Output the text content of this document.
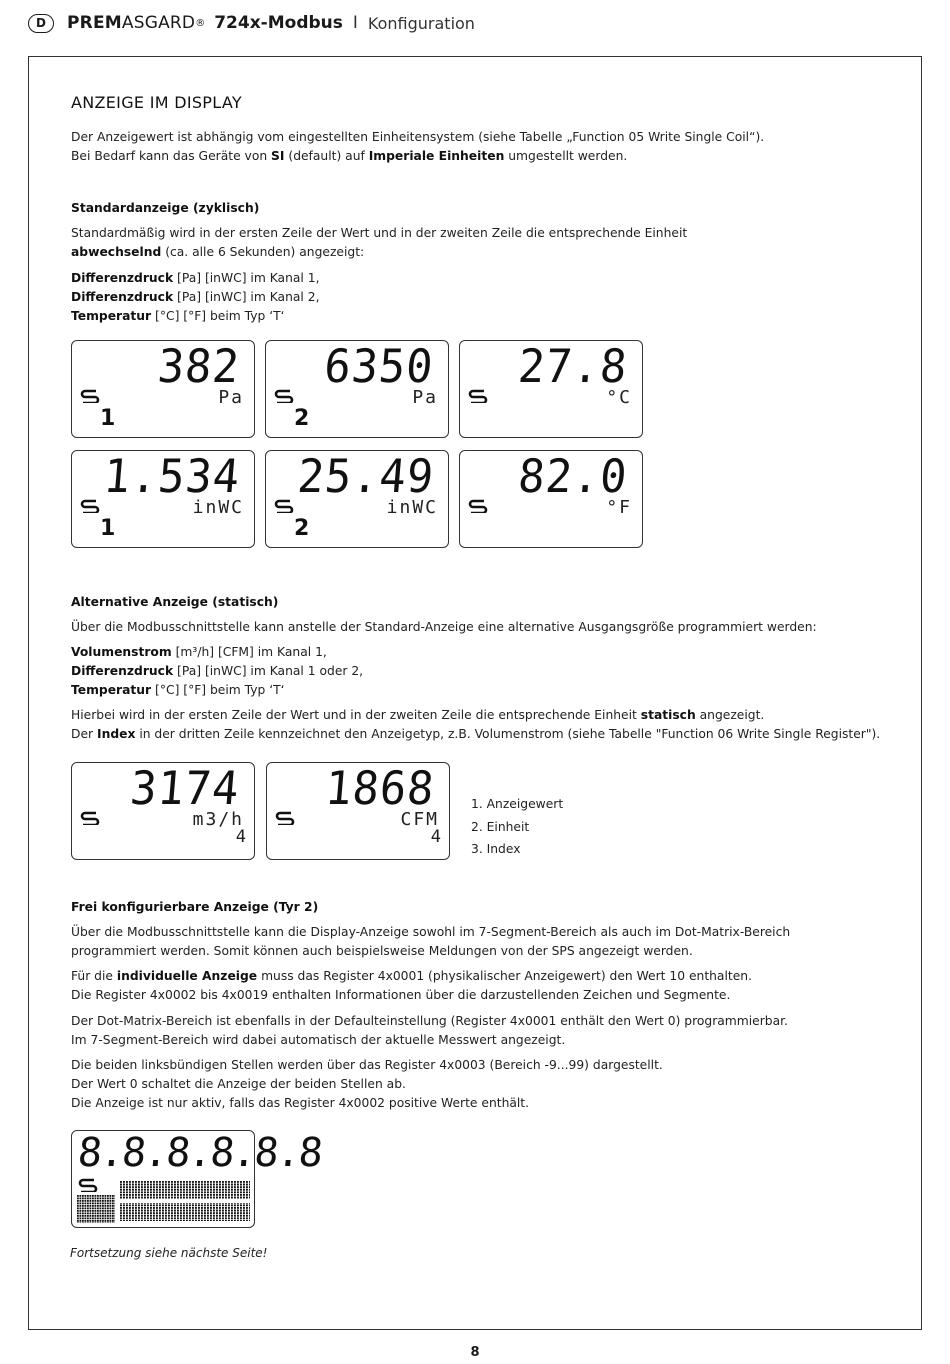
D	PREM ASGARD ® 724x-Modbus I Konfiguration
ANZEIGE IM DISPLAY
Der Anzeigewert ist abhängig vom eingestellten Einheitensystem (siehe Tabelle „Function 05 Write Single Coil“).
Bei Bedarf kann das Geräte von SI (default) auf Imperiale Einheiten umgestellt werden.
Standardanzeige (zyklisch)
Standardmäßig wird in der ersten Zeile der Wert und in der zweiten Zeile die entsprechende Einheit
abwechselnd (ca. alle 6 Sekunden) angezeigt:
Differenzdruck [Pa] [inWC] im Kanal 1,
Differenzdruck [Pa] [inWC] im Kanal 2,
Temperatur [°C] [°F] beim Typ ‘T‘
382
Pa
1
6350
Pa
2
27.8
°C
1.534
inWC
1
25.49
inWC
2
82.0
°F
Alternative Anzeige (statisch)
Über die Modbusschnittstelle kann anstelle der Standard-Anzeige eine alternative Ausgangsgröße programmiert werden:
Volumenstrom [m³/h] [CFM] im Kanal 1,
Differenzdruck [Pa] [inWC] im Kanal 1 oder 2,
Temperatur [°C] [°F] beim Typ ‘T‘
Hierbei wird in der ersten Zeile der Wert und in der zweiten Zeile die entsprechende Einheit statisch angezeigt.
Der Index in der dritten Zeile kennzeichnet den Anzeigetyp, z.B. Volumenstrom (siehe Tabelle "Function 06 Write Single Register").
3174
m3/h
4
1868
CFM
4
1. Anzeigewert
2. Einheit
3. Index
Frei konfigurierbare Anzeige (Tyr 2)
Über die Modbusschnittstelle kann die Display-Anzeige sowohl im 7-Segment-Bereich als auch im Dot-Matrix-Bereich
programmiert werden. Somit können auch beispielsweise Meldungen von der SPS angezeigt werden.
Für die individuelle Anzeige muss das Register 4x0001 (physikalischer Anzeigewert) den Wert 10 enthalten.
Die Register 4x0002 bis 4x0019 enthalten Informationen über die darzustellenden Zeichen und Segmente.
Der Dot-Matrix-Bereich ist ebenfalls in der Defaulteinstellung (Register 4x0001 enthält den Wert 0) programmierbar.
Im 7-Segment-Bereich wird dabei automatisch der aktuelle Messwert angezeigt.
Die beiden linksbündigen Stellen werden über das Register 4x0003 (Bereich -9...99) dargestellt.
Der Wert 0 schaltet die Anzeige der beiden Stellen ab.
Die Anzeige ist nur aktiv, falls das Register 4x0002 positive Werte enthält.
8.8.8.8.8.8
Fortsetzung siehe nächste Seite!
8
